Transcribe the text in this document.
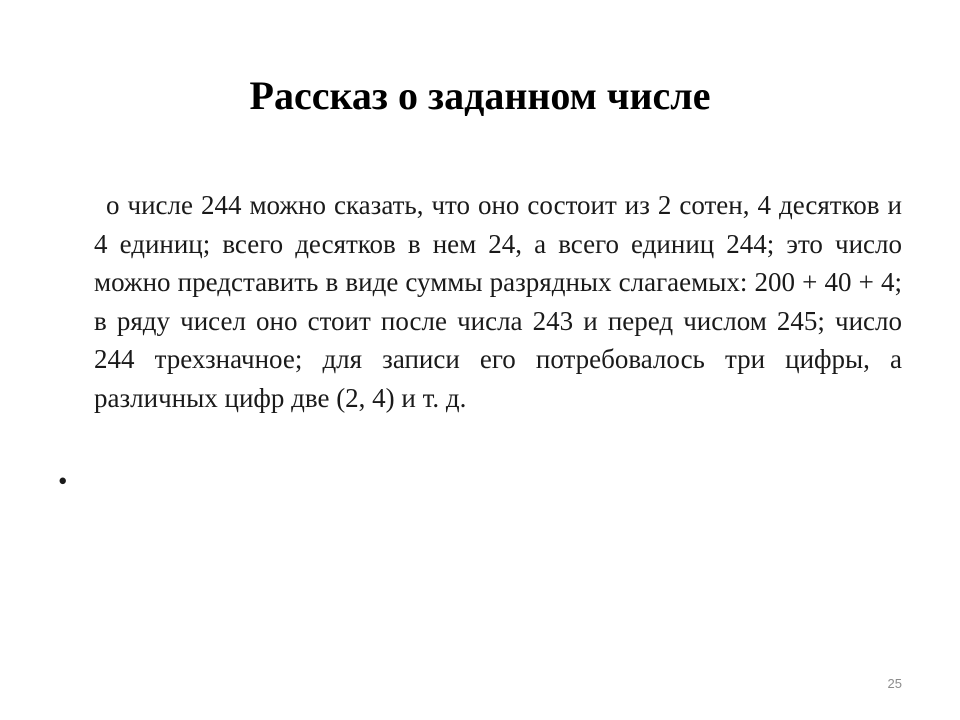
Рассказ о заданном числе

о числе 244 можно сказать, что оно состоит из 2 сотен, 4 десятков и 4 единиц; всего десятков в нем 24, а всего единиц 244; это число можно представить в виде суммы разрядных слагаемых: 200 + 40 + 4; в ряду чисел оно стоит после числа 243 и перед числом 245; число 244 трехзначное; для записи его потребовалось три цифры, а различных цифр две (2, 4) и т. д.

•
25
